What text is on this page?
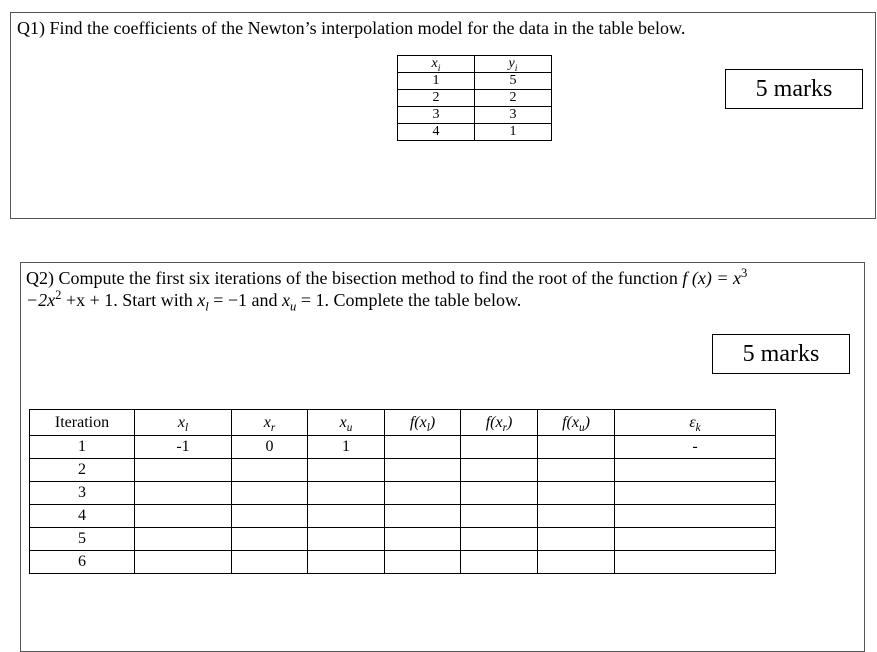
Q1) Find the coefficients of the Newton’s interpolation model for the data in the table below.
$x_i$	$y_i$
1	5
2	2
3	3
4	1
5 marks
Q2) Compute the first six iterations of the bisection method to find the root of the function f $(x) = x^3$
$-2x^2 +x + 1$. Start with $x_l = -1$ and $x_u = 1$. Complete the table below.
5 marks
Iteration	$x_l$	$x_r$	$x_u$	$f(x_l)$	$f(x_r)$	$f(x_u)$	$\varepsilon_k$
1	-1	0	1				-
2							
3							
4							
5							
6							
